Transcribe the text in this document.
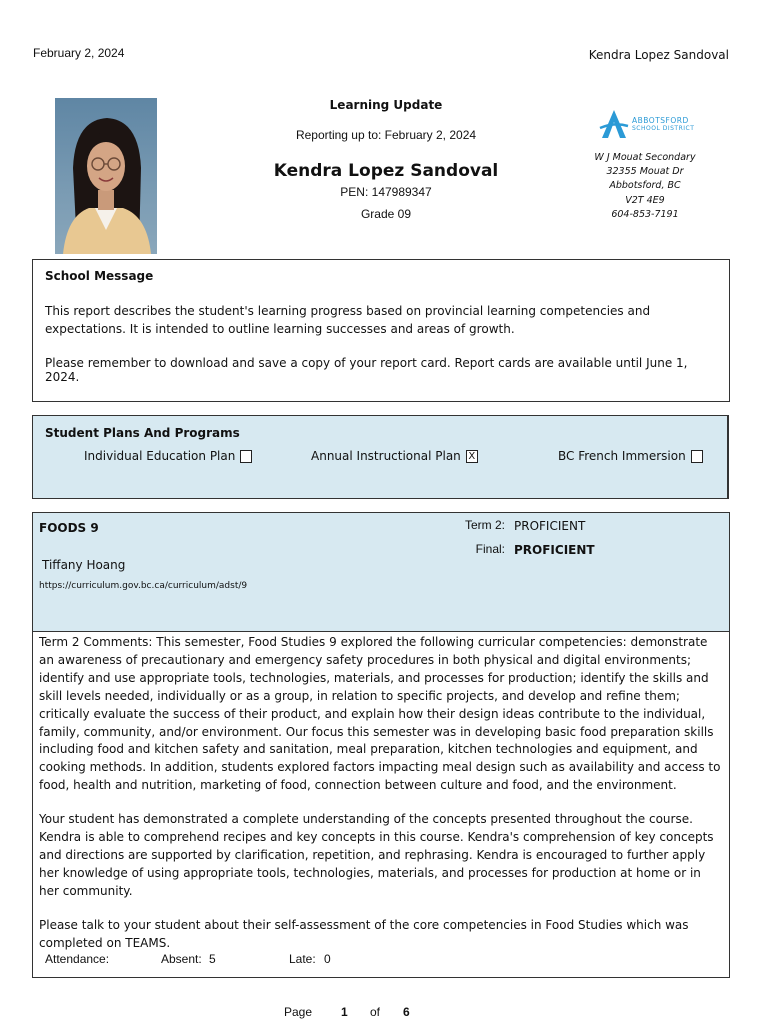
February 2, 2024	Kendra Lopez Sandoval
Learning Update
Reporting up to: February 2, 2024
Kendra Lopez Sandoval
PEN: 147989347
Grade 09
ABBOTSFORD
SCHOOL DISTRICT
W J Mouat Secondary
32355 Mouat Dr
Abbotsford, BC
V2T 4E9
604-853-7191
School Message
This report describes the student's learning progress based on provincial learning competencies and expectations. It is intended to outline learning successes and areas of growth.
Please remember to download and save a copy of your report card. Report cards are available until June 1, 2024.
Student Plans And Programs
Individual Education Plan	Annual Instructional Plan X	BC French Immersion
FOODS 9
Tiffany Hoang
https://curriculum.gov.bc.ca/curriculum/adst/9
Term 2: PROFICIENT
Final: PROFICIENT
Term 2 Comments: This semester, Food Studies 9 explored the following curricular competencies: demonstrate an awareness of precautionary and emergency safety procedures in both physical and digital environments; identify and use appropriate tools, technologies, materials, and processes for production; identify the skills and skill levels needed, individually or as a group, in relation to specific projects, and develop and refine them; critically evaluate the success of their product, and explain how their design ideas contribute to the individual, family, community, and/or environment. Our focus this semester was in developing basic food preparation skills including food and kitchen safety and sanitation, meal preparation, kitchen technologies and equipment, and cooking methods. In addition, students explored factors impacting meal design such as availability and access to food, health and nutrition, marketing of food, connection between culture and food, and the environment.
Your student has demonstrated a complete understanding of the concepts presented throughout the course. Kendra is able to comprehend recipes and key concepts in this course. Kendra's comprehension of key concepts and directions are supported by clarification, repetition, and rephrasing. Kendra is encouraged to further apply her knowledge of using appropriate tools, technologies, materials, and processes for production at home or in her community.
Please talk to your student about their self-assessment of the core competencies in Food Studies which was completed on TEAMS.
Attendance:	Absent: 5	Late: 0
Page 1 of 6
